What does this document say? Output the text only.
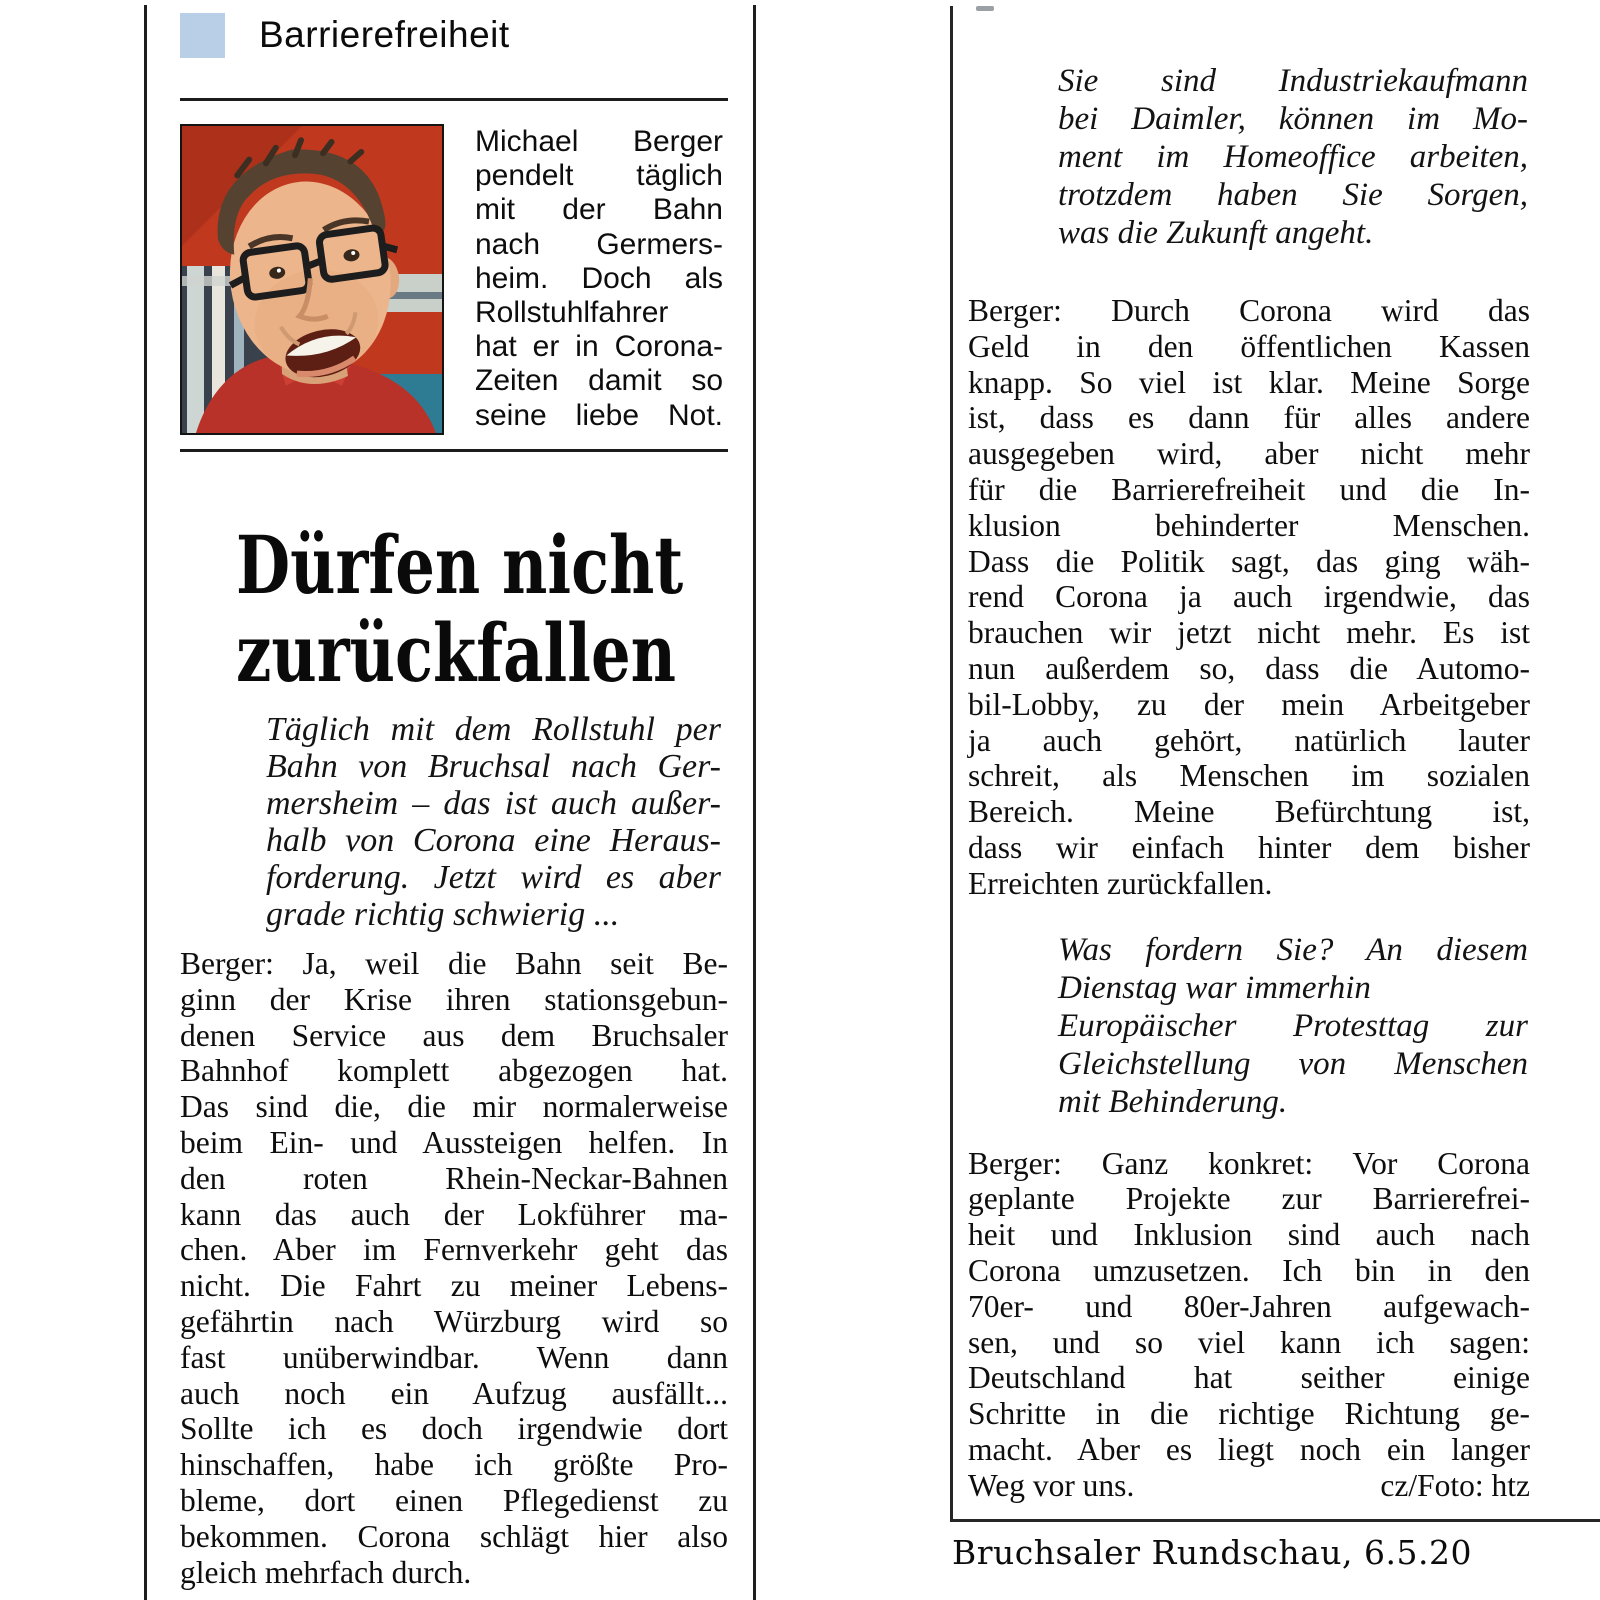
Barrierefreiheit
Michael Berger
pendelt täglich
mit der Bahn
nach Germers-
heim. Doch als
Rollstuhlfahrer
hat er in Corona-
Zeiten damit so
seine liebe Not.
Dürfen nicht
zurückfallen
Täglich mit dem Rollstuhl per
Bahn von Bruchsal nach Ger-
mersheim – das ist auch außer-
halb von Corona eine Heraus-
forderung. Jetzt wird es aber
grade richtig schwierig ...
Berger: Ja, weil die Bahn seit Be-
ginn der Krise ihren stationsgebun-
denen Service aus dem Bruchsaler
Bahnhof komplett abgezogen hat.
Das sind die, die mir normalerweise
beim Ein- und Aussteigen helfen. In
den roten Rhein-Neckar-Bahnen
kann das auch der Lokführer ma-
chen. Aber im Fernverkehr geht das
nicht. Die Fahrt zu meiner Lebens-
gefährtin nach Würzburg wird so
fast unüberwindbar. Wenn dann
auch noch ein Aufzug ausfällt...
Sollte ich es doch irgendwie dort
hinschaffen, habe ich größte Pro-
bleme, dort einen Pflegedienst zu
bekommen. Corona schlägt hier also
gleich mehrfach durch.
Sie sind Industriekaufmann
bei Daimler, können im Mo-
ment im Homeoffice arbeiten,
trotzdem haben Sie Sorgen,
was die Zukunft angeht.
Berger: Durch Corona wird das
Geld in den öffentlichen Kassen
knapp. So viel ist klar. Meine Sorge
ist, dass es dann für alles andere
ausgegeben wird, aber nicht mehr
für die Barrierefreiheit und die In-
klusion behinderter Menschen.
Dass die Politik sagt, das ging wäh-
rend Corona ja auch irgendwie, das
brauchen wir jetzt nicht mehr. Es ist
nun außerdem so, dass die Automo-
bil-Lobby, zu der mein Arbeitgeber
ja auch gehört, natürlich lauter
schreit, als Menschen im sozialen
Bereich. Meine Befürchtung ist,
dass wir einfach hinter dem bisher
Erreichten zurückfallen.
Was fordern Sie? An diesem
Dienstag war immerhin
Europäischer Protesttag zur
Gleichstellung von Menschen
mit Behinderung.
Berger: Ganz konkret: Vor Corona
geplante Projekte zur Barrierefrei-
heit und Inklusion sind auch nach
Corona umzusetzen. Ich bin in den
70er- und 80er-Jahren aufgewach-
sen, und so viel kann ich sagen:
Deutschland hat seither einige
Schritte in die richtige Richtung ge-
macht. Aber es liegt noch ein langer
Weg vor uns.	cz/Foto: htz
Bruchsaler Rundschau, 6.5.20
